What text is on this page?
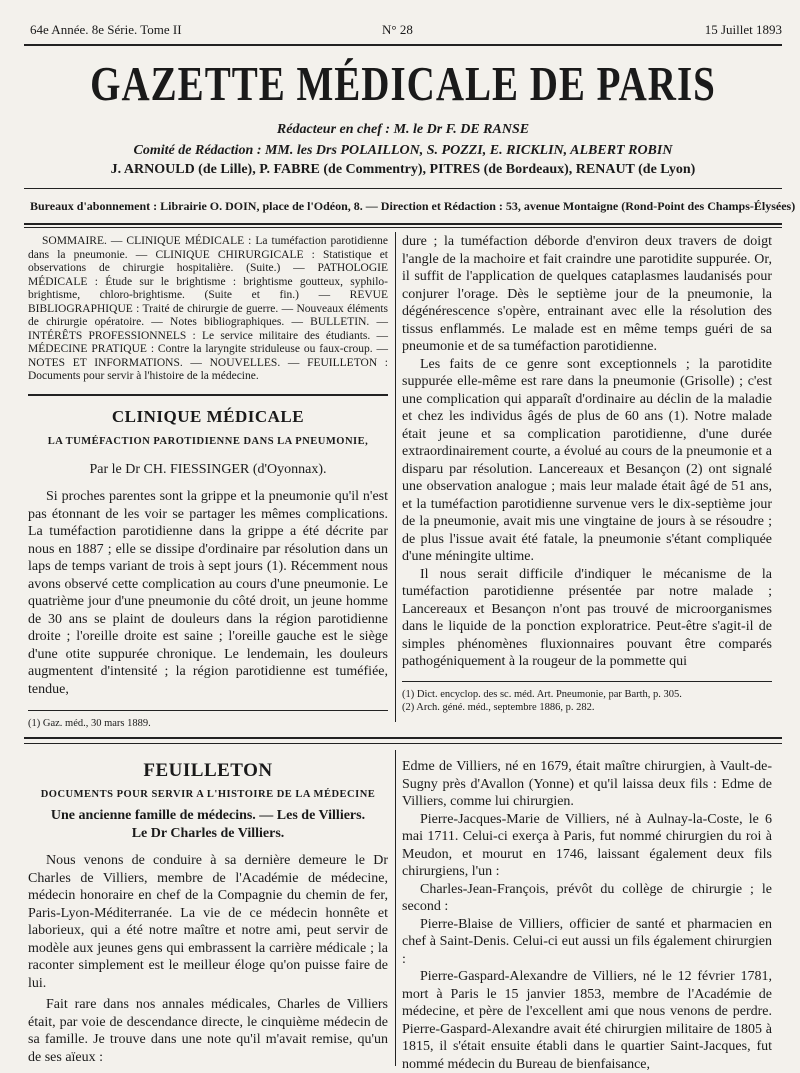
64e Année. 8e Série. Tome II	N° 28	15 Juillet 1893
GAZETTE MÉDICALE DE PARIS
Rédacteur en chef : M. le Dr F. DE RANSE
Comité de Rédaction : MM. les Drs POLAILLON, S. POZZI, E. RICKLIN, ALBERT ROBIN
J. ARNOULD (de Lille), P. FABRE (de Commentry), PITRES (de Bordeaux), RENAUT (de Lyon)
Bureaux d'abonnement : Librairie O. DOIN, place de l'Odéon, 8. — Direction et Rédaction : 53, avenue Montaigne (Rond-Point des Champs-Élysées)
SOMMAIRE. — CLINIQUE MÉDICALE : La tuméfaction parotidienne dans la pneumonie. — CLINIQUE CHIRURGICALE : Statistique et observations de chirurgie hospitalière. (Suite.) — PATHOLOGIE MÉDICALE : Étude sur le brightisme : brightisme goutteux, syphilo-brightisme, chloro-brightisme. (Suite et fin.) — REVUE BIBLIOGRAPHIQUE : Traité de chirurgie de guerre. — Nouveaux éléments de chirurgie opératoire. — Notes bibliographiques. — BULLETIN. — INTÉRÊTS PROFESSIONNELS : Le service militaire des étudiants. — MÉDECINE PRATIQUE : Contre la laryngite striduleuse ou faux-croup. — NOTES ET INFORMATIONS. — NOUVELLES. — FEUILLETON : Documents pour servir à l'histoire de la médecine.
CLINIQUE MÉDICALE
LA TUMÉFACTION PAROTIDIENNE DANS LA PNEUMONIE,
Par le Dr CH. FIESSINGER (d'Oyonnax).

Si proches parentes sont la grippe et la pneumonie qu'il n'est pas étonnant de les voir se partager les mêmes complications. La tuméfaction parotidienne dans la grippe a été décrite par nous en 1887 ; elle se dissipe d'ordinaire par résolution dans un laps de temps variant de trois à sept jours (1). Récemment nous avons observé cette complication au cours d'une pneumonie. Le quatrième jour d'une pneumonie du côté droit, un jeune homme de 30 ans se plaint de douleurs dans la région parotidienne droite ; l'oreille droite est saine ; l'oreille gauche est le siège d'une otite suppurée chronique. Le lendemain, les douleurs augmentent d'intensité ; la région parotidienne est tuméfiée, tendue,

(1) Gaz. méd., 30 mars 1889.

dure ; la tuméfaction déborde d'environ deux travers de doigt l'angle de la machoire et fait craindre une parotidite suppurée. Or, il suffit de l'application de quelques cataplasmes laudanisés pour conjurer l'orage. Dès le septième jour de la pneumonie, la dégénérescence s'opère, entrainant avec elle la résolution des tissus enflammés. Le malade est en même temps guéri de sa pneumonie et de sa tuméfaction parotidienne.

Les faits de ce genre sont exceptionnels ; la parotidite suppurée elle-même est rare dans la pneumonie (Grisolle) ; c'est une complication qui apparaît d'ordinaire au déclin de la maladie et chez les individus âgés de plus de 60 ans (1). Notre malade était jeune et sa complication parotidienne, d'une durée extraordinairement courte, a évolué au cours de la pneumonie et a disparu par résolution. Lancereaux et Besançon (2) ont signalé une observation analogue ; mais leur malade était âgé de 51 ans, et la tuméfaction parotidienne survenue vers le dix-septième jour de la pneumonie, avait mis une vingtaine de jours à se résoudre ; de plus l'issue avait été fatale, la pneumonie s'étant compliquée d'une méningite ultime.

Il nous serait difficile d'indiquer le mécanisme de la tuméfaction parotidienne présentée par notre malade ; Lancereaux et Besançon n'ont pas trouvé de microorganismes dans le liquide de la ponction exploratrice. Peut-être s'agit-il de simples phénomènes fluxionnaires pouvant être comparés pathogéniquement à la rougeur de la pommette qui

(1) Dict. encyclop. des sc. méd. Art. Pneumonie, par Barth, p. 305.
(2) Arch. géné. méd., septembre 1886, p. 282.
FEUILLETON
DOCUMENTS POUR SERVIR A L'HISTOIRE DE LA MÉDECINE
Une ancienne famille de médecins. — Les de Villiers.
Le Dr Charles de Villiers.

Nous venons de conduire à sa dernière demeure le Dr Charles de Villiers, membre de l'Académie de médecine, médecin honoraire en chef de la Compagnie du chemin de fer, Paris-Lyon-Méditerranée. La vie de ce médecin honnête et laborieux, qui a été notre maître et notre ami, peut servir de modèle aux jeunes gens qui embrassent la carrière médicale ; la raconter simplement est le meilleur éloge qu'on puisse faire de lui.

Fait rare dans nos annales médicales, Charles de Villiers était, par voie de descendance directe, le cinquième médecin de sa famille. Je trouve dans une note qu'il m'avait remise, qu'un de ses aïeux :

Edme de Villiers, né en 1679, était maître chirurgien, à Vault-de-Sugny près d'Avallon (Yonne) et qu'il laissa deux fils : Edme de Villiers, comme lui chirurgien.

Pierre-Jacques-Marie de Villiers, né à Aulnay-la-Coste, le 6 mai 1711. Celui-ci exerça à Paris, fut nommé chirurgien du roi à Meudon, et mourut en 1746, laissant également deux fils chirurgiens, l'un :

Charles-Jean-François, prévôt du collège de chirurgie ; le second :

Pierre-Blaise de Villiers, officier de santé et pharmacien en chef à Saint-Denis. Celui-ci eut aussi un fils également chirurgien :

Pierre-Gaspard-Alexandre de Villiers, né le 12 février 1781, mort à Paris le 15 janvier 1853, membre de l'Académie de médecine, et père de l'excellent ami que nous venons de perdre. Pierre-Gaspard-Alexandre avait été chirurgien militaire de 1805 à 1815, il s'était ensuite établi dans le quartier Saint-Jacques, fut nommé médecin du Bureau de bienfaisance,
